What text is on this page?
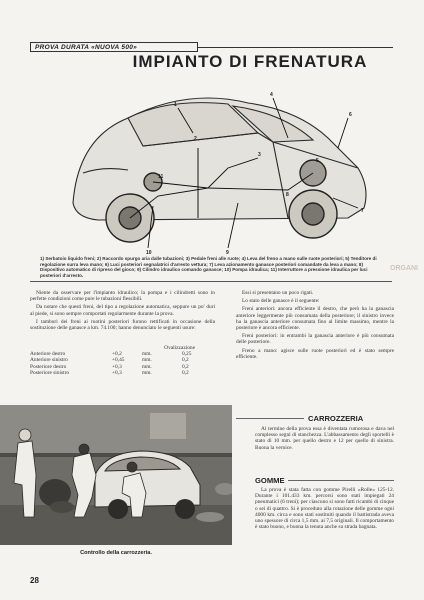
PROVA DURATA «NUOVA 500»
IMPIANTO DI FRENATURA
1
4
6
7
9
10
3
2
8
5
11
1) Serbatoio liquido freni; 2) Raccordo spurgo aria dalle tubazioni; 3) Pedale freni alle ruote; 4) Leva del freno a mano sulle ruote posteriori; 5) Tenditore di regolazione surra leva mano; 6) Luci posteriori segnalatrici d'arresto vettura; 7) Leva azionamento ganasce posteriori comandate da leva a mano; 8) Dispositivo automatico di ripreso del gioco; 9) Cilindro idraulico comando ganasce; 10) Pompa idraulica; 11) Interruttore a pressione idraulica per luci posteriori d'arresto.
ORGANI

Niente da osservare per l'impianto idraulico; la pompa e i cilindretti sono in perfette condizioni come pure le tubazioni flessibili.

Da notare che questi freni, del tipo a regolazione automatica, seppure un po' duri al piede, si sono sempre comportati regolarmente durante la prova.

I tamburi dei freni ai ruotini posteriori furono rettificati in occasione della sostituzione delle ganasce a km. 74.100; hanno denunciato le seguenti usure:

Ovalizzazione
Anteriore destro	+0,2	mm.	0,25
Anteriore sinistro	+0,45	mm.	0,2
Posteriore destro	+0,3	mm.	0,2
Posteriore sinistro	+0,3	mm.	0,2

Essi si presentano un poco rigati.

Lo stato delle ganasce è il seguente:

Freni anteriori: ancora efficiente il destro, che però ha la ganascia anteriore leggermente più consumata della posteriore; il sinistro invece ha la ganascia anteriore consumata fino al limite massimo, mentre la posteriore è ancora efficiente.

Freni posteriori: in entrambi la ganascia anteriore è più consumata delle posteriore.

Freno a mano: agisce sulle ruote posteriori ed è stato sempre efficiente.

Controllo della carrozzeria.
CARROZZERIA

Al termine della prova essa è diventata rumorosa e dava nel complesso segni di stanchezza. L'abbassamento degli sportelli è stato di 10 mm. per quello destro e 12 per quello di sinistra. Buona la vernice.

GOMME

La prova è stata fatta con gomme Pirelli «Rolle» 125-12. Durante i 101.433 km. percorsi sono stati impiegati 24 pneumatici (6 treni); per ciascuno si sono fatti ricambi di cinque o sei di quattro. Si è proceduto alla rotazione delle gomme ogni 4000 km. circa e sono stati sostituiti quando il battistrada aveva uno spessore di circa 1,5 mm. ai 7,5 originali. Il comportamento è stato buono, e buona la tenuta anche su strada bagnata.

28
